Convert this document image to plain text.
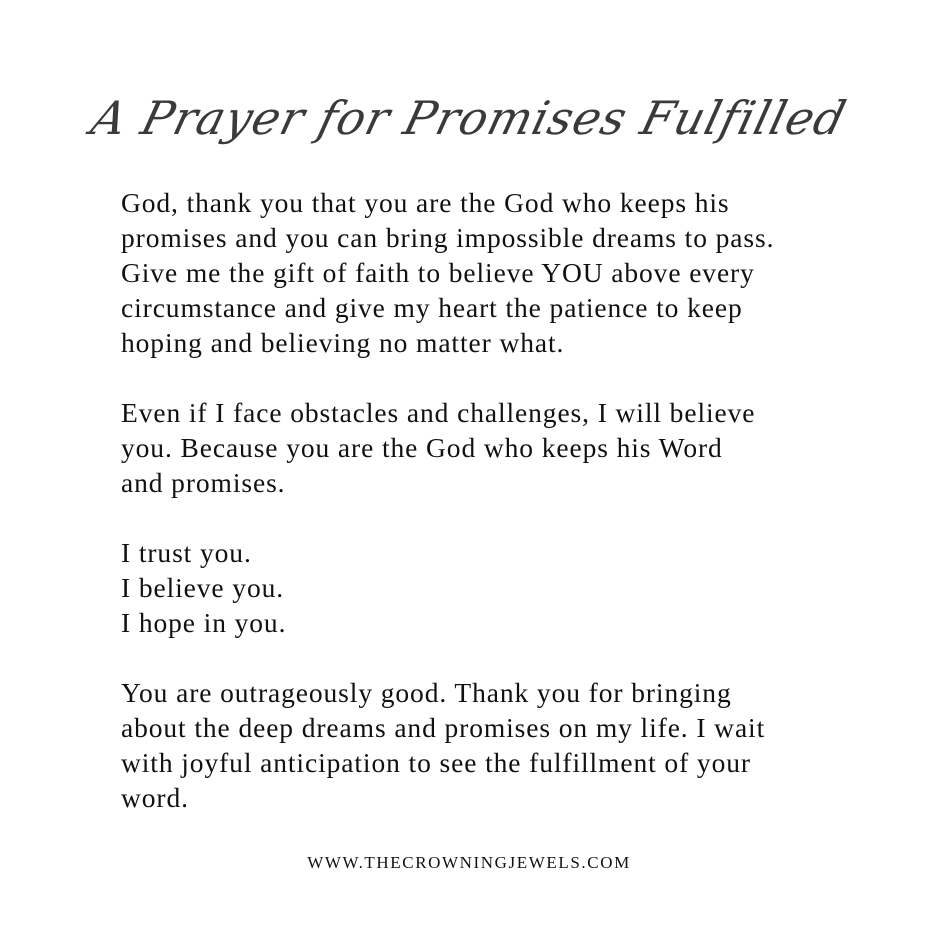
A Prayer for Promises Fulfilled

God, thank you that you are the God who keeps his
promises and you can bring impossible dreams to pass.
Give me the gift of faith to believe YOU above every
circumstance and give my heart the patience to keep
hoping and believing no matter what.

Even if I face obstacles and challenges, I will believe
you. Because you are the God who keeps his Word
and promises.

I trust you.
I believe you.
I hope in you.

You are outrageously good. Thank you for bringing
about the deep dreams and promises on my life. I wait
with joyful anticipation to see the fulfillment of your
word.

WWW.THECROWNINGJEWELS.COM
